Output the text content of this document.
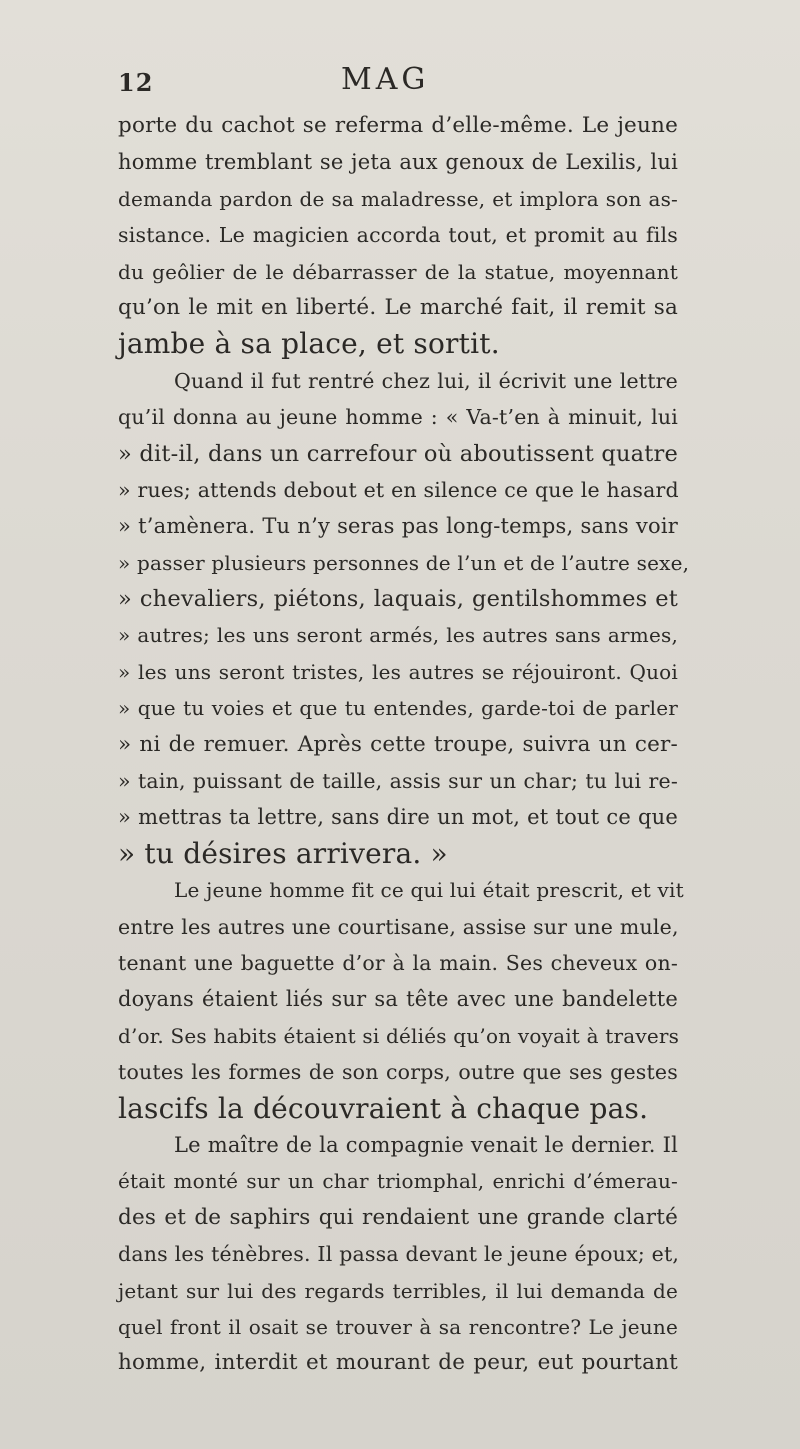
12	MAG
porte du cachot se referma d’elle-même. Le jeune
homme tremblant se jeta aux genoux de Lexilis, lui
demanda pardon de sa maladresse, et implora son as-
sistance. Le magicien accorda tout, et promit au fils
du geôlier de le débarrasser de la statue, moyennant
qu’on le mit en liberté. Le marché fait, il remit sa
jambe à sa place, et sortit.
Quand il fut rentré chez lui, il écrivit une lettre
qu’il donna au jeune homme : « Va-t’en à minuit, lui
» dit-il, dans un carrefour où aboutissent quatre
» rues; attends debout et en silence ce que le hasard
» t’amènera. Tu n’y seras pas long-temps, sans voir
» passer plusieurs personnes de l’un et de l’autre sexe,
» chevaliers, piétons, laquais, gentilshommes et
» autres; les uns seront armés, les autres sans armes,
» les uns seront tristes, les autres se réjouiront. Quoi
» que tu voies et que tu entendes, garde-toi de parler
» ni de remuer. Après cette troupe, suivra un cer-
» tain, puissant de taille, assis sur un char; tu lui re-
» mettras ta lettre, sans dire un mot, et tout ce que
» tu désires arrivera. »
Le jeune homme fit ce qui lui était prescrit, et vit
entre les autres une courtisane, assise sur une mule,
tenant une baguette d’or à la main. Ses cheveux on-
doyans étaient liés sur sa tête avec une bandelette
d’or. Ses habits étaient si déliés qu’on voyait à travers
toutes les formes de son corps, outre que ses gestes
lascifs la découvraient à chaque pas.
Le maître de la compagnie venait le dernier. Il
était monté sur un char triomphal, enrichi d’émerau-
des et de saphirs qui rendaient une grande clarté
dans les ténèbres. Il passa devant le jeune époux; et,
jetant sur lui des regards terribles, il lui demanda de
quel front il osait se trouver à sa rencontre? Le jeune
homme, interdit et mourant de peur, eut pourtant
